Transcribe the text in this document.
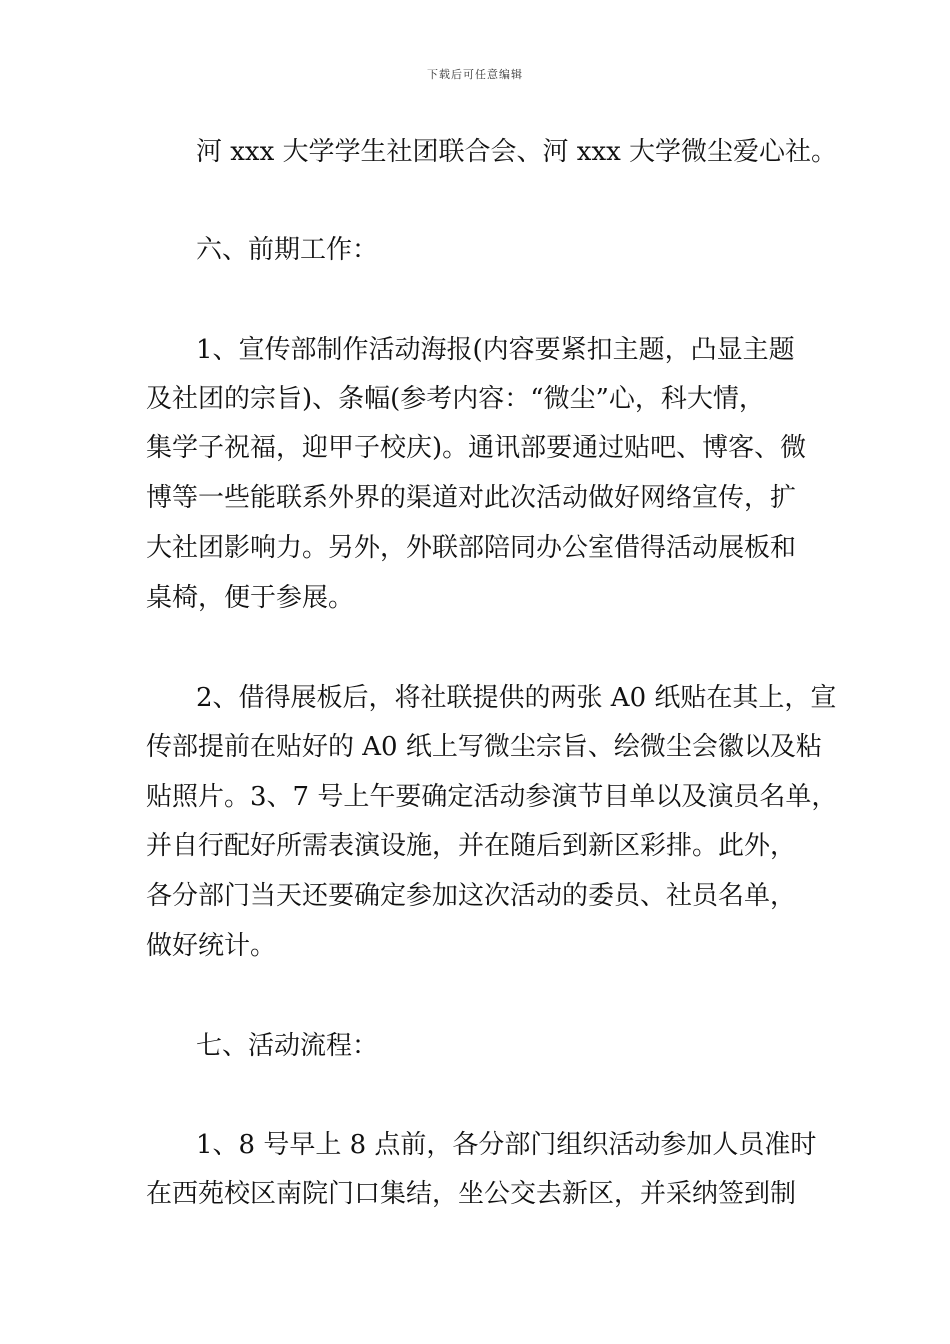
下载后可任意编辑
河 xxx 大学学生社团联合会、河 xxx 大学微尘爱心社。
六、前期工作：
1、宣传部制作活动海报(内容要紧扣主题，凸显主题
及社团的宗旨)、条幅(参考内容：“微尘”心，科大情，
集学子祝福，迎甲子校庆)。通讯部要通过贴吧、博客、微
博等一些能联系外界的渠道对此次活动做好网络宣传，扩
大社团影响力。另外，外联部陪同办公室借得活动展板和
桌椅，便于参展。
2、借得展板后，将社联提供的两张 A0 纸贴在其上，宣
传部提前在贴好的 A0 纸上写微尘宗旨、绘微尘会徽以及粘
贴照片。3、7 号上午要确定活动参演节目单以及演员名单，
并自行配好所需表演设施，并在随后到新区彩排。此外，
各分部门当天还要确定参加这次活动的委员、社员名单，
做好统计。
七、活动流程：
1、8 号早上 8 点前，各分部门组织活动参加人员准时
在西苑校区南院门口集结，坐公交去新区，并采纳签到制
